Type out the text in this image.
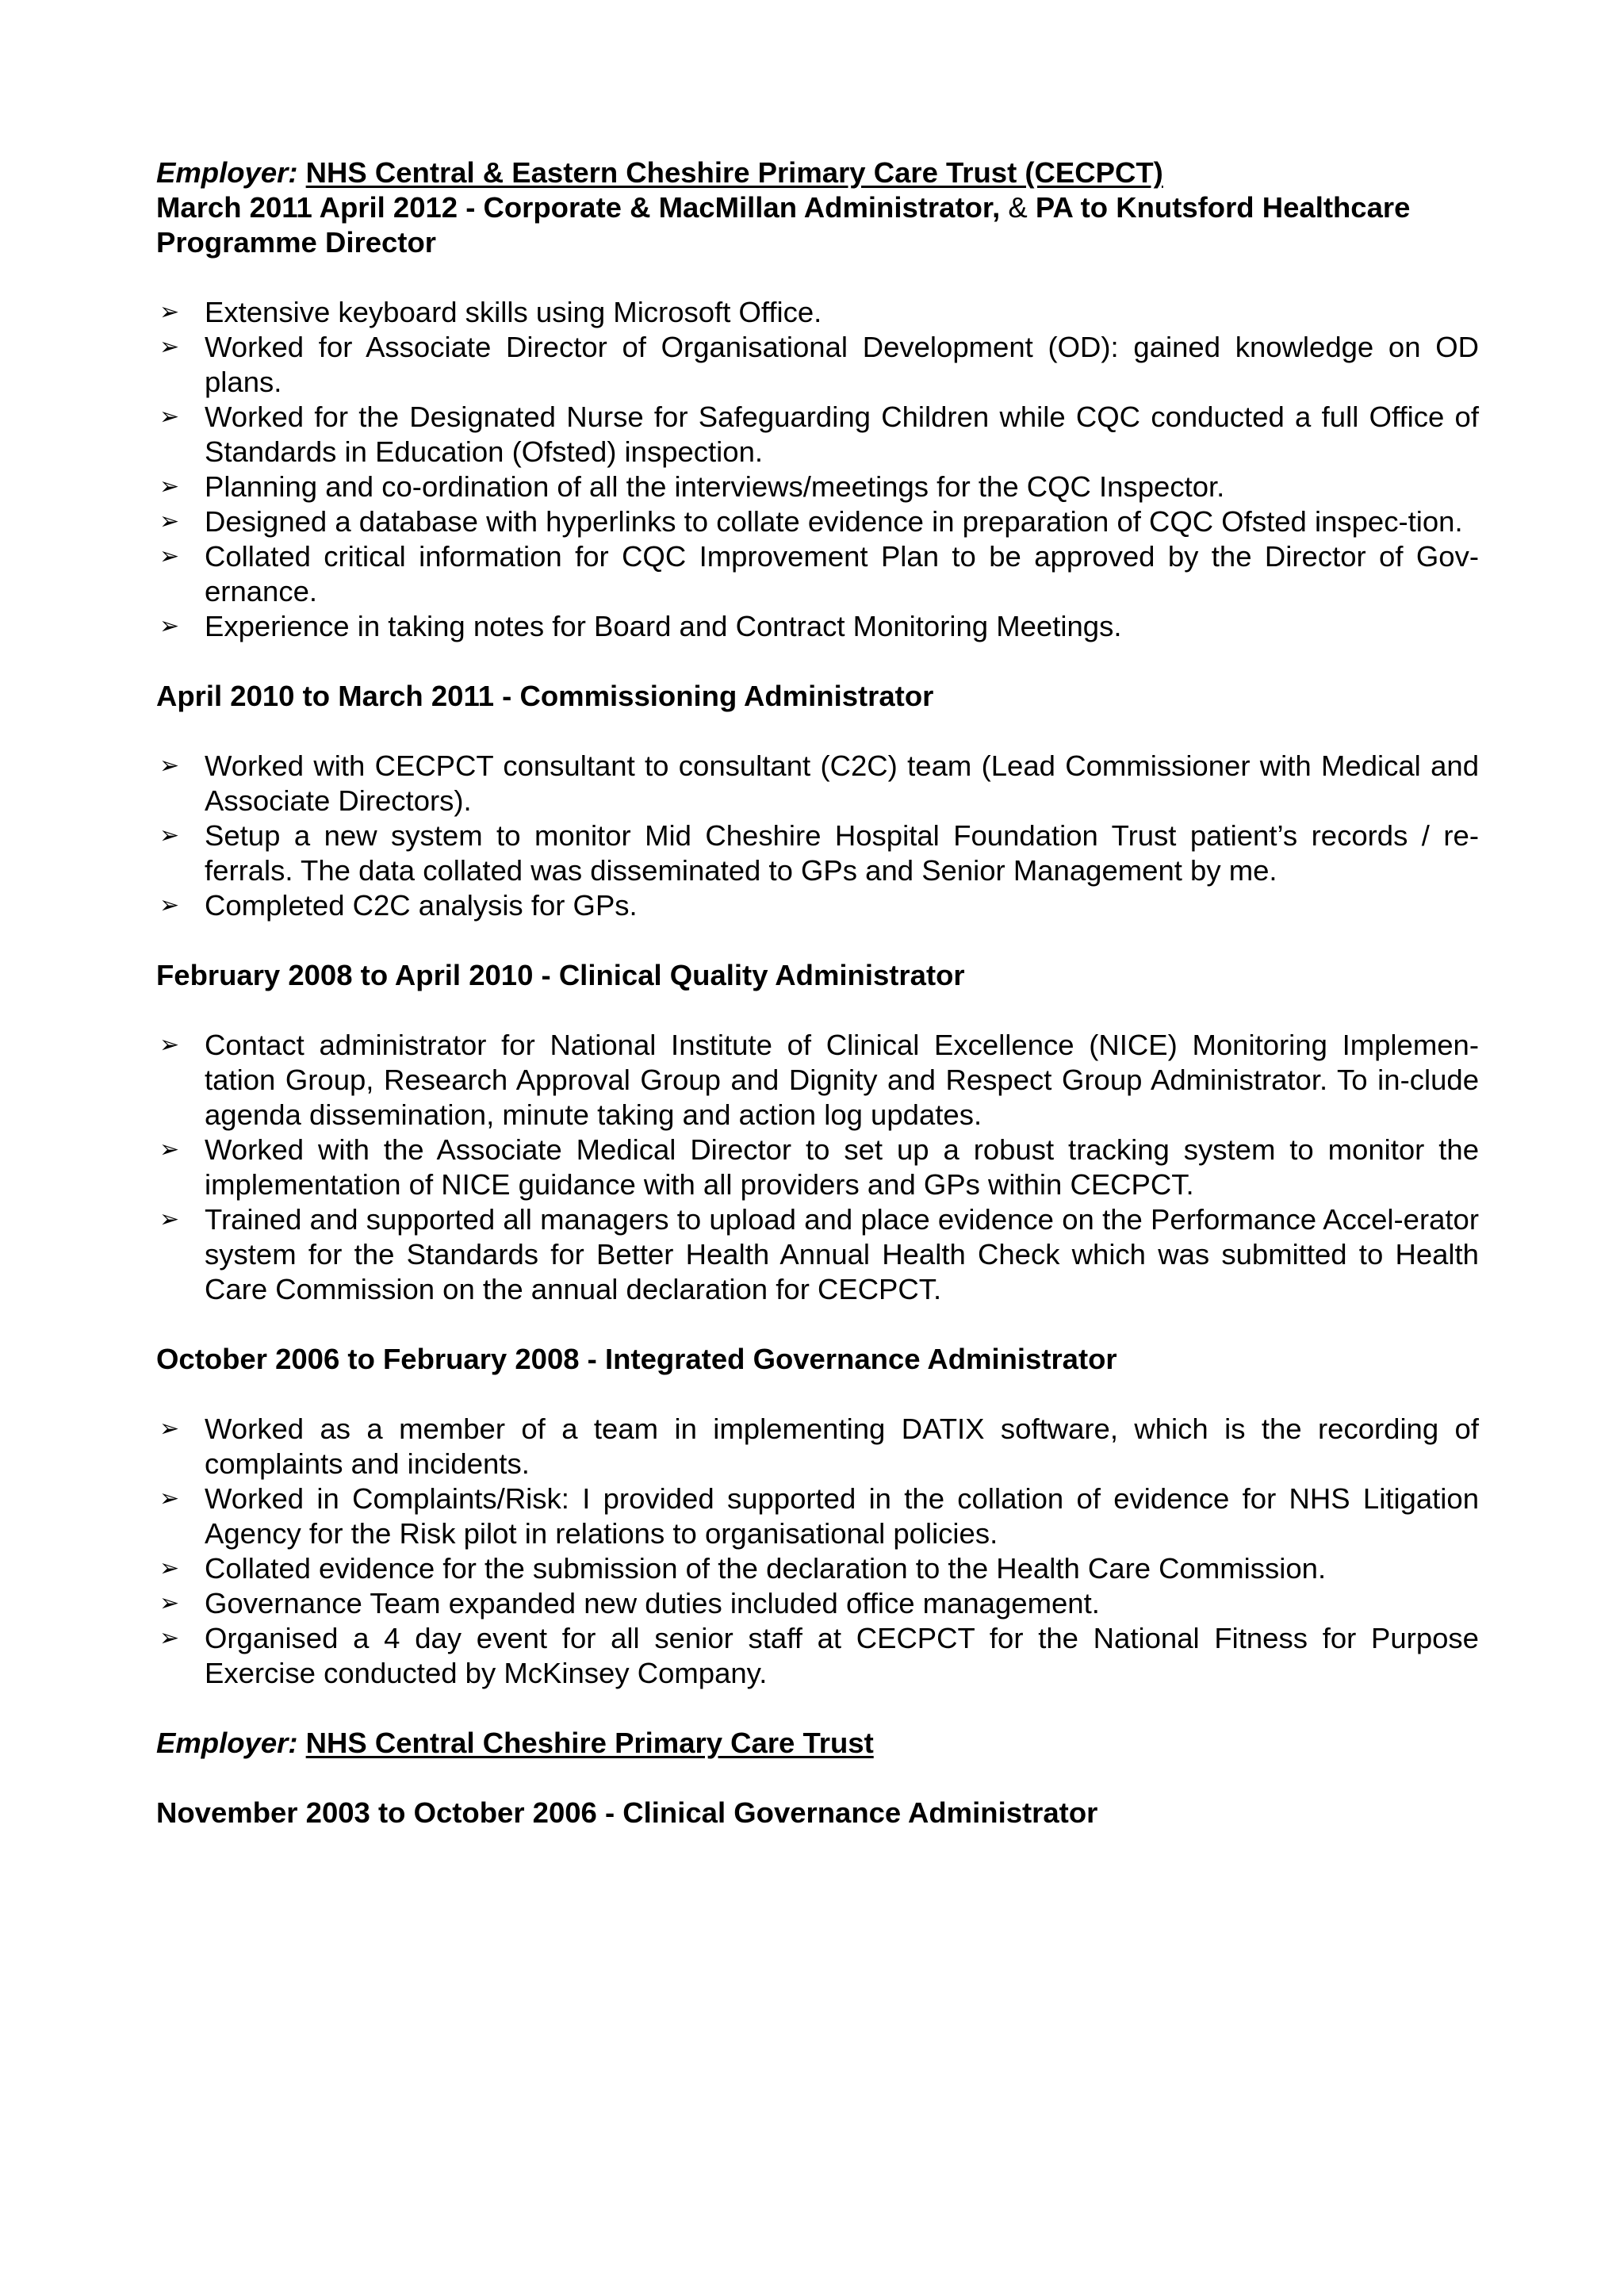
Employer: NHS Central & Eastern Cheshire Primary Care Trust (CECPCT)

March 2011 April 2012 - Corporate & MacMillan Administrator, & PA to Knutsford Healthcare Programme Director

➢ Extensive keyboard skills using Microsoft Office.
➢ Worked for Associate Director of Organisational Development (OD): gained knowledge on OD plans.
➢ Worked for the Designated Nurse for Safeguarding Children while CQC conducted a full Office of Standards in Education (Ofsted) inspection.
➢ Planning and co-ordination of all the interviews/meetings for the CQC Inspector.
➢ Designed a database with hyperlinks to collate evidence in preparation of CQC Ofsted inspec-tion.
➢ Collated critical information for CQC Improvement Plan to be approved by the Director of Gov-ernance.
➢ Experience in taking notes for Board and Contract Monitoring Meetings.

April 2010 to March 2011 - Commissioning Administrator

➢ Worked with CECPCT consultant to consultant (C2C) team (Lead Commissioner with Medical and Associate Directors).
➢ Setup a new system to monitor Mid Cheshire Hospital Foundation Trust patient’s records / re-ferrals. The data collated was disseminated to GPs and Senior Management by me.
➢ Completed C2C analysis for GPs.

February 2008 to April 2010 - Clinical Quality Administrator

➢ Contact administrator for National Institute of Clinical Excellence (NICE) Monitoring Implemen-tation Group, Research Approval Group and Dignity and Respect Group Administrator. To in-clude agenda dissemination, minute taking and action log updates.
➢ Worked with the Associate Medical Director to set up a robust tracking system to monitor the implementation of NICE guidance with all providers and GPs within CECPCT.
➢ Trained and supported all managers to upload and place evidence on the Performance Accel-erator system for the Standards for Better Health Annual Health Check which was submitted to Health Care Commission on the annual declaration for CECPCT.

October 2006 to February 2008 - Integrated Governance Administrator

➢ Worked as a member of a team in implementing DATIX software, which is the recording of complaints and incidents.
➢ Worked in Complaints/Risk: I provided supported in the collation of evidence for NHS Litigation Agency for the Risk pilot in relations to organisational policies.
➢ Collated evidence for the submission of the declaration to the Health Care Commission.
➢ Governance Team expanded new duties included office management.
➢ Organised a 4 day event for all senior staff at CECPCT for the National Fitness for Purpose Exercise conducted by McKinsey Company.

Employer: NHS Central Cheshire Primary Care Trust

November 2003 to October 2006 - Clinical Governance Administrator
